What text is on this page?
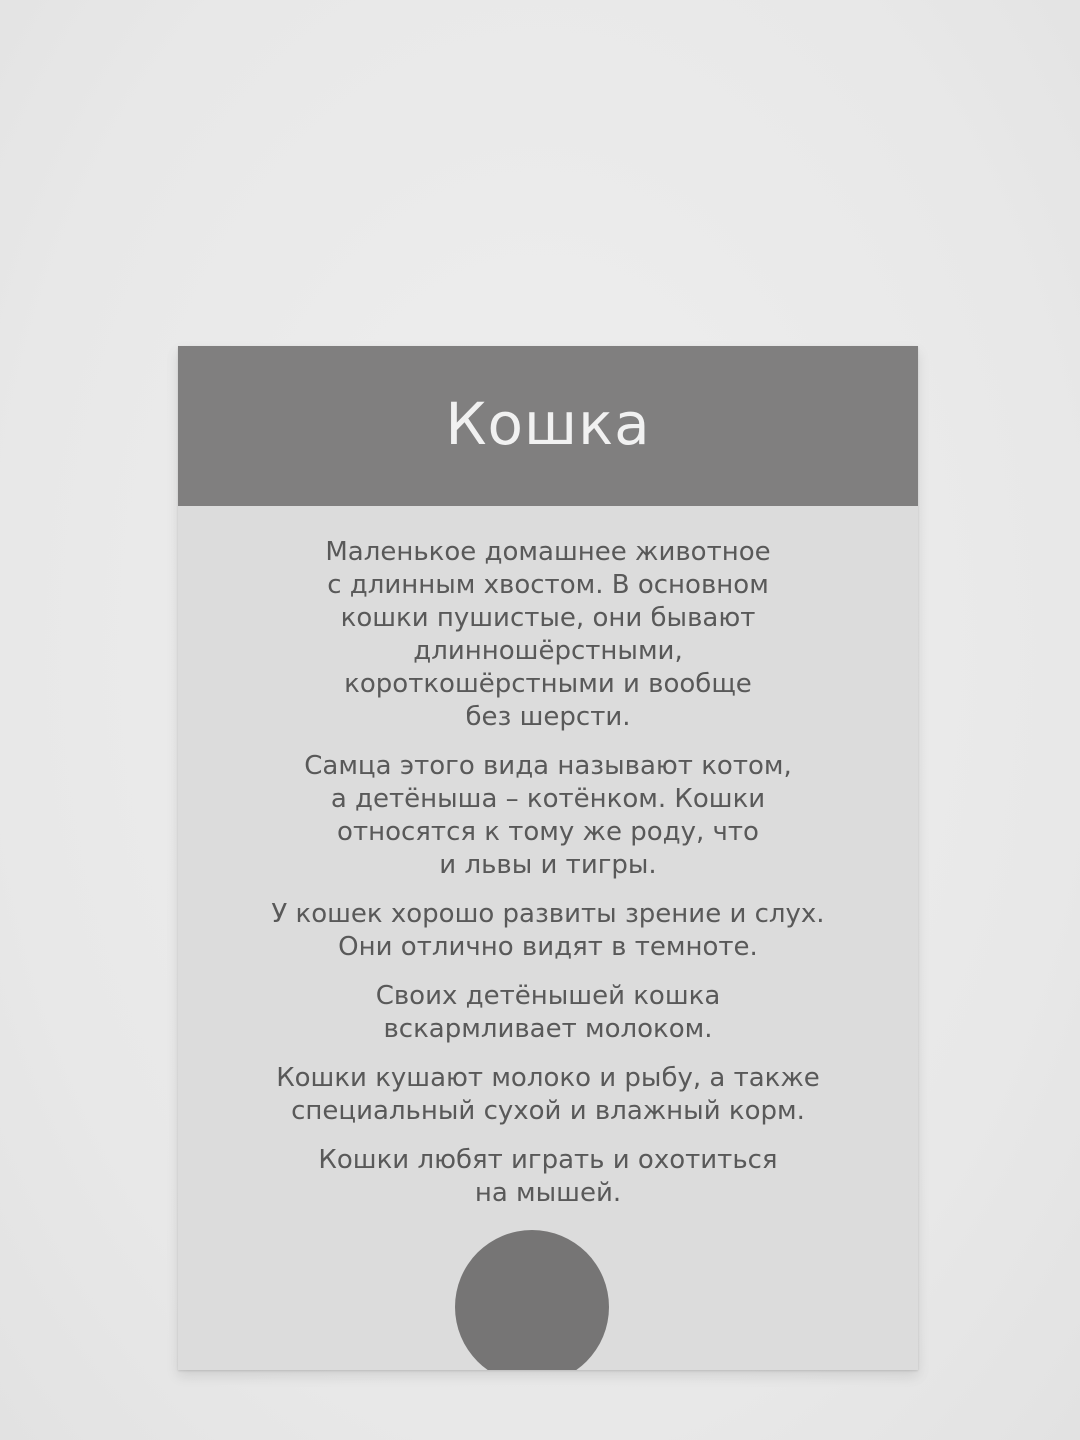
Кошка

Маленькое домашнее животное
с длинным хвостом. В основном
кошки пушистые, они бывают
длинношёрстными,
короткошёрстными и вообще
без шерсти.

Самца этого вида называют котом,
а детёныша – котёнком. Кошки
относятся к тому же роду, что
и львы и тигры.

У кошек хорошо развиты зрение и слух.
Они отлично видят в темноте.

Своих детёнышей кошка
вскармливает молоком.

Кошки кушают молоко и рыбу, а также
специальный сухой и влажный корм.

Кошки любят играть и охотиться
на мышей.
